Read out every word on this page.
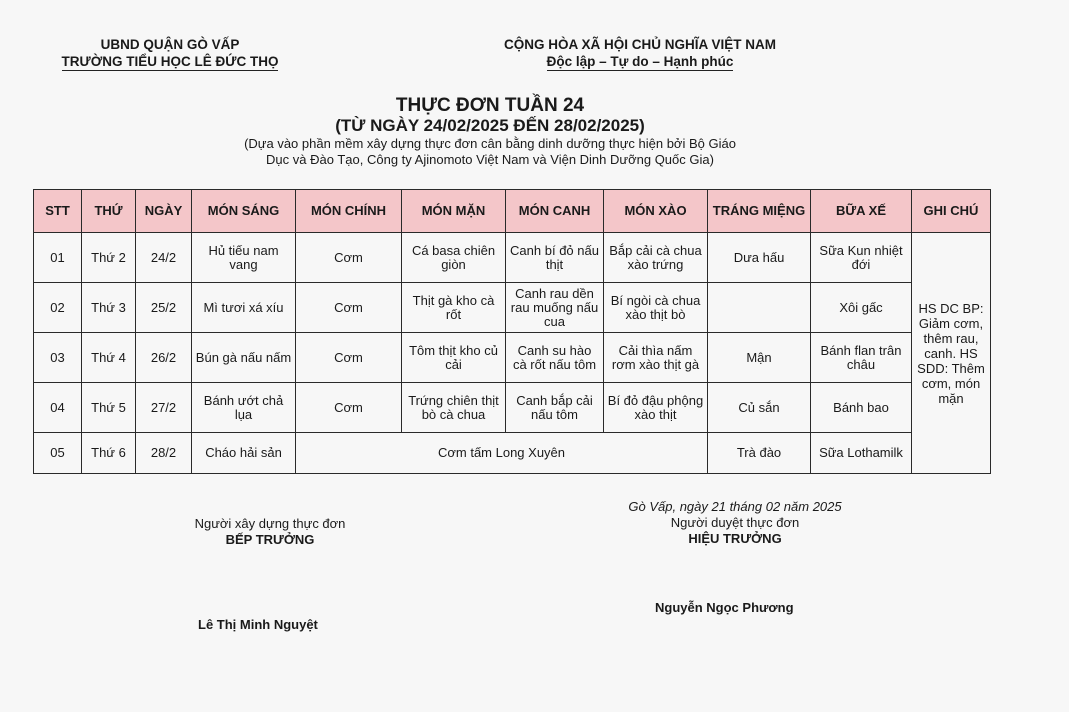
UBND QUẬN GÒ VẤP
TRƯỜNG TIỂU HỌC LÊ ĐỨC THỌ
CỘNG HÒA XÃ HỘI CHỦ NGHĨA VIỆT NAM
Độc lập – Tự do – Hạnh phúc
THỰC ĐƠN TUẦN 24
(TỪ NGÀY 24/02/2025 ĐẾN 28/02/2025)
(Dựa vào phần mềm xây dựng thực đơn cân bằng dinh dưỡng thực hiện bởi Bộ Giáo
Dục và Đào Tạo, Công ty Ajinomoto Việt Nam và Viện Dinh Dưỡng Quốc Gia)
STT	THỨ	NGÀY	MÓN SÁNG	MÓN CHÍNH	MÓN MẶN	MÓN CANH	MÓN XÀO	TRÁNG MIỆNG	BỮA XẾ	GHI CHÚ
01	Thứ 2	24/2	Hủ tiếu nam vang	Cơm	Cá basa chiên giòn	Canh bí đỏ nấu thịt	Bắp cải cà chua xào trứng	Dưa hấu	Sữa Kun nhiệt đới	HS DC BP: Giảm cơm, thêm rau, canh. HS SDD: Thêm cơm, món mặn
02	Thứ 3	25/2	Mì tươi xá xíu	Cơm	Thịt gà kho cà rốt	Canh rau dền rau muống nấu cua	Bí ngòi cà chua xào thịt bò		Xôi gấc	
03	Thứ 4	26/2	Bún gà nấu nấm	Cơm	Tôm thịt kho củ cải	Canh su hào cà rốt nấu tôm	Cải thìa nấm rơm xào thịt gà	Mận	Bánh flan trân châu	
04	Thứ 5	27/2	Bánh ướt chả lụa	Cơm	Trứng chiên thịt bò cà chua	Canh bắp cải nấu tôm	Bí đỏ đậu phộng xào thịt	Củ sắn	Bánh bao	
05	Thứ 6	28/2	Cháo hải sản	Cơm tấm Long Xuyên				Trà đào	Sữa Lothamilk	
Gò Vấp, ngày 21 tháng 02 năm 2025
Người duyệt thực đơn
HIỆU TRƯỞNG
Người xây dựng thực đơn
BẾP TRƯỞNG
Lê Thị Minh Nguyệt
Nguyễn Ngọc Phương
